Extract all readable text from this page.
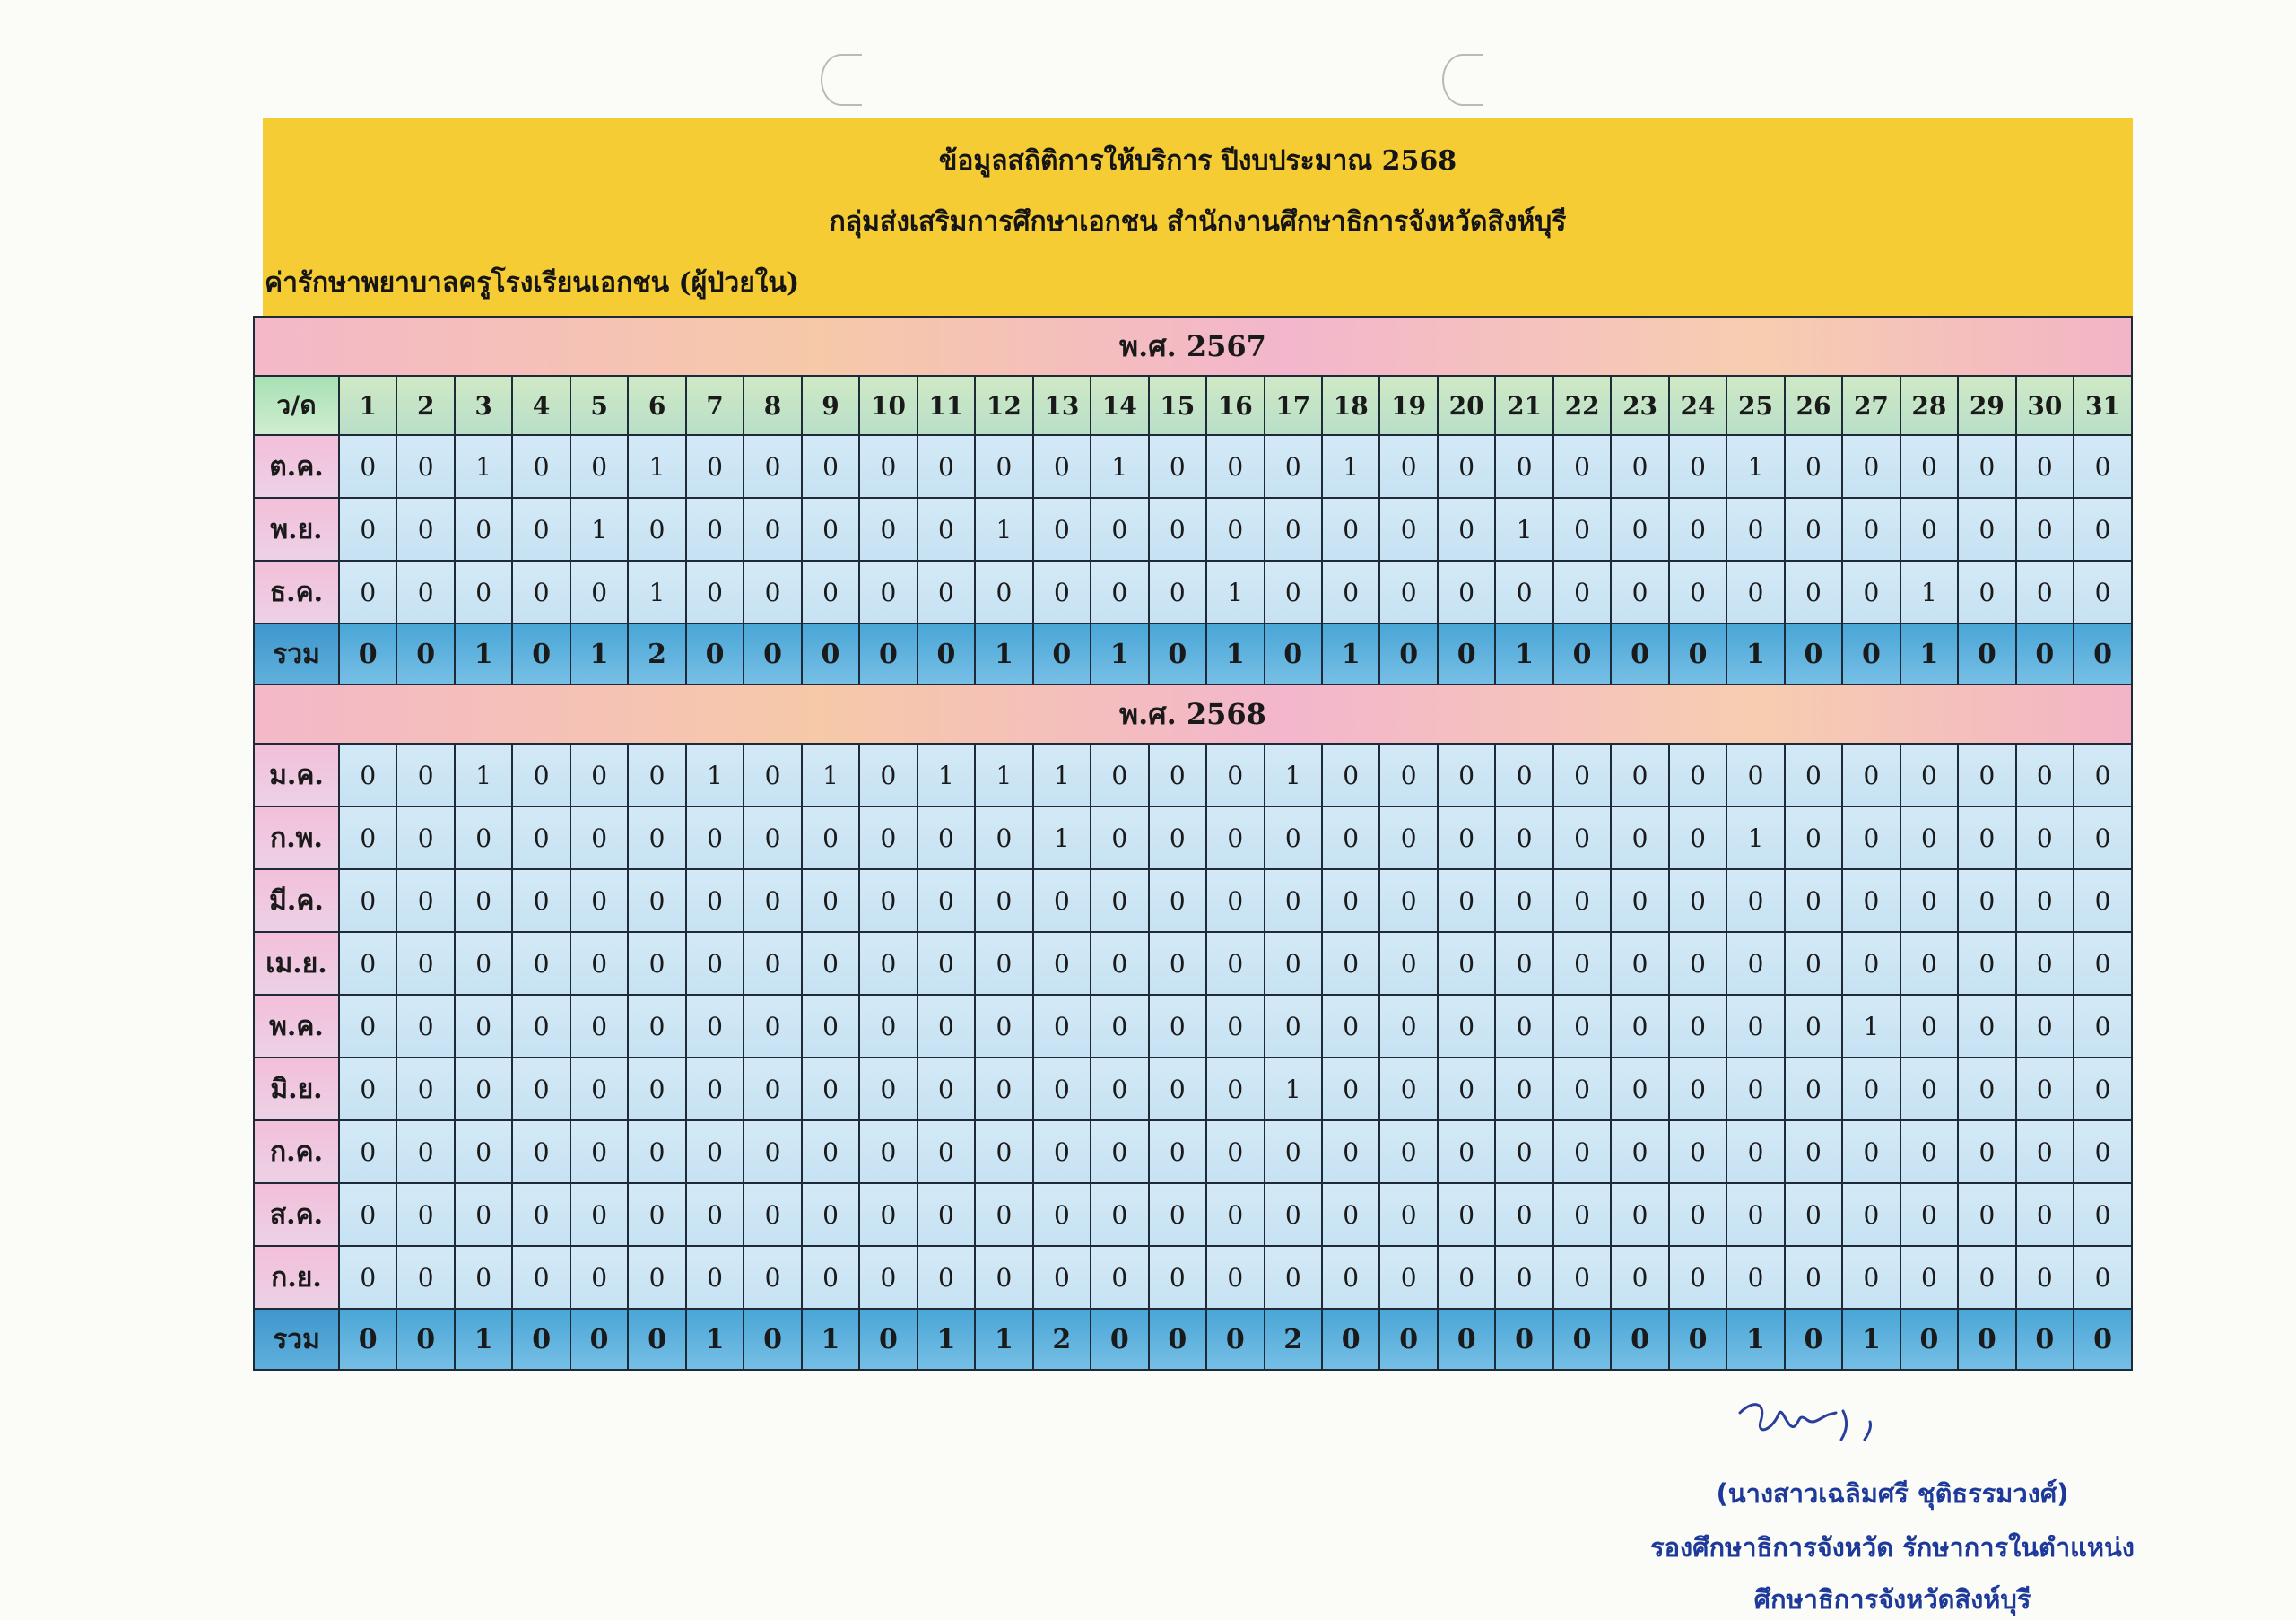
ข้อมูลสถิติการให้บริการ ปีงบประมาณ 2568
กลุ่มส่งเสริมการศึกษาเอกชน สำนักงานศึกษาธิการจังหวัดสิงห์บุรี
ค่ารักษาพยาบาลครูโรงเรียนเอกชน (ผู้ป่วยใน)
พ.ศ. 2567																															
ว/ด	1	2	3	4	5	6	7	8	9	10	11	12	13	14	15	16	17	18	19	20	21	22	23	24	25	26	27	28	29	30	31
ต.ค.	0	0	1	0	0	1	0	0	0	0	0	0	0	1	0	0	0	1	0	0	0	0	0	0	1	0	0	0	0	0	0
พ.ย.	0	0	0	0	1	0	0	0	0	0	0	1	0	0	0	0	0	0	0	0	1	0	0	0	0	0	0	0	0	0	0
ธ.ค.	0	0	0	0	0	1	0	0	0	0	0	0	0	0	0	1	0	0	0	0	0	0	0	0	0	0	0	1	0	0	0
รวม	0	0	1	0	1	2	0	0	0	0	0	1	0	1	0	1	0	1	0	0	1	0	0	0	1	0	0	1	0	0	0
พ.ศ. 2568																															
ม.ค.	0	0	1	0	0	0	1	0	1	0	1	1	1	0	0	0	1	0	0	0	0	0	0	0	0	0	0	0	0	0	0
ก.พ.	0	0	0	0	0	0	0	0	0	0	0	0	1	0	0	0	0	0	0	0	0	0	0	0	1	0	0	0	0	0	0
มี.ค.	0	0	0	0	0	0	0	0	0	0	0	0	0	0	0	0	0	0	0	0	0	0	0	0	0	0	0	0	0	0	0
เม.ย.	0	0	0	0	0	0	0	0	0	0	0	0	0	0	0	0	0	0	0	0	0	0	0	0	0	0	0	0	0	0	0
พ.ค.	0	0	0	0	0	0	0	0	0	0	0	0	0	0	0	0	0	0	0	0	0	0	0	0	0	0	1	0	0	0	0
มิ.ย.	0	0	0	0	0	0	0	0	0	0	0	0	0	0	0	0	1	0	0	0	0	0	0	0	0	0	0	0	0	0	0
ก.ค.	0	0	0	0	0	0	0	0	0	0	0	0	0	0	0	0	0	0	0	0	0	0	0	0	0	0	0	0	0	0	0
ส.ค.	0	0	0	0	0	0	0	0	0	0	0	0	0	0	0	0	0	0	0	0	0	0	0	0	0	0	0	0	0	0	0
ก.ย.	0	0	0	0	0	0	0	0	0	0	0	0	0	0	0	0	0	0	0	0	0	0	0	0	0	0	0	0	0	0	0
รวม	0	0	1	0	0	0	1	0	1	0	1	1	2	0	0	0	2	0	0	0	0	0	0	0	1	0	1	0	0	0	0
(นางสาวเฉลิมศรี ชุติธรรมวงศ์)
รองศึกษาธิการจังหวัด รักษาการในตำแหน่ง
ศึกษาธิการจังหวัดสิงห์บุรี
